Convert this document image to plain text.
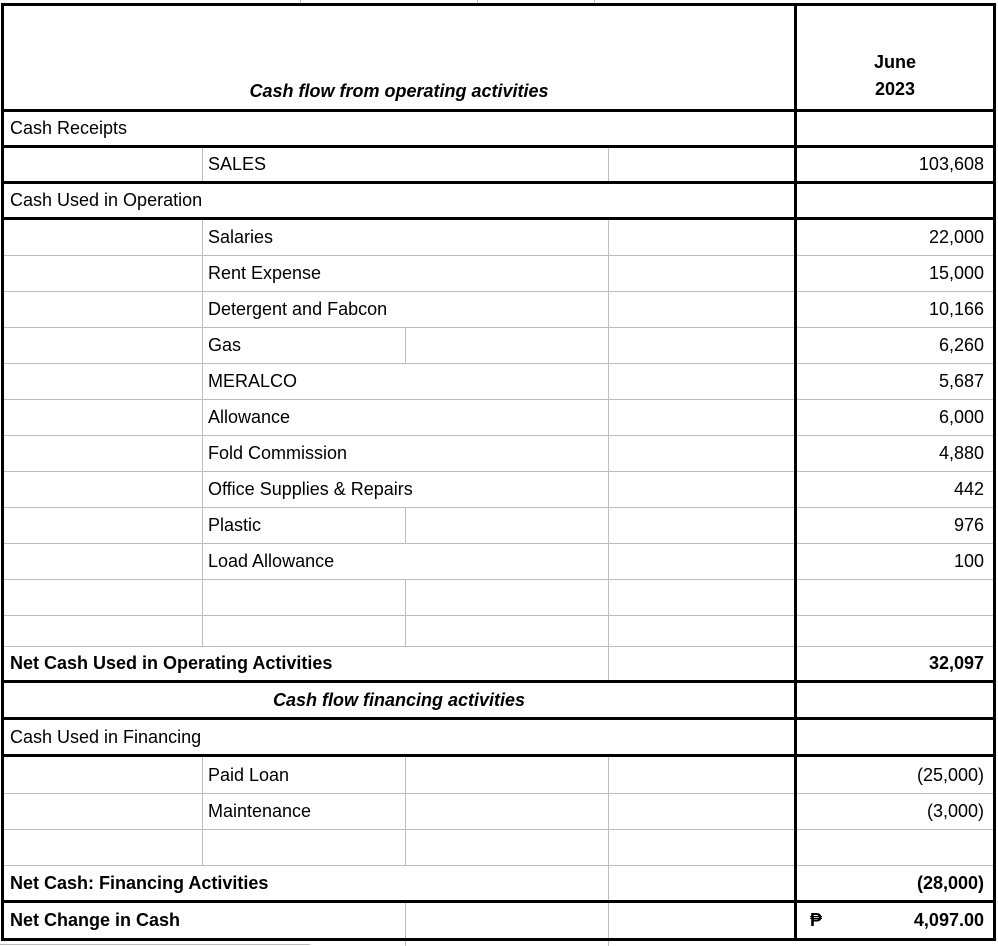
Cash flow from operating activities
June
2023
Cash Receipts
SALES	103,608
Cash Used in Operation
Salaries	22,000
Rent Expense	15,000
Detergent and Fabcon	10,166
Gas	6,260
MERALCO	5,687
Allowance	6,000
Fold Commission	4,880
Office Supplies & Repairs	442
Plastic	976
Load Allowance	100
Net Cash Used in Operating Activities	32,097
Cash flow financing activities
Cash Used in Financing
Paid Loan	(25,000)
Maintenance	(3,000)
Net Cash: Financing Activities	(28,000)
Net Change in Cash	₱	4,097.00
